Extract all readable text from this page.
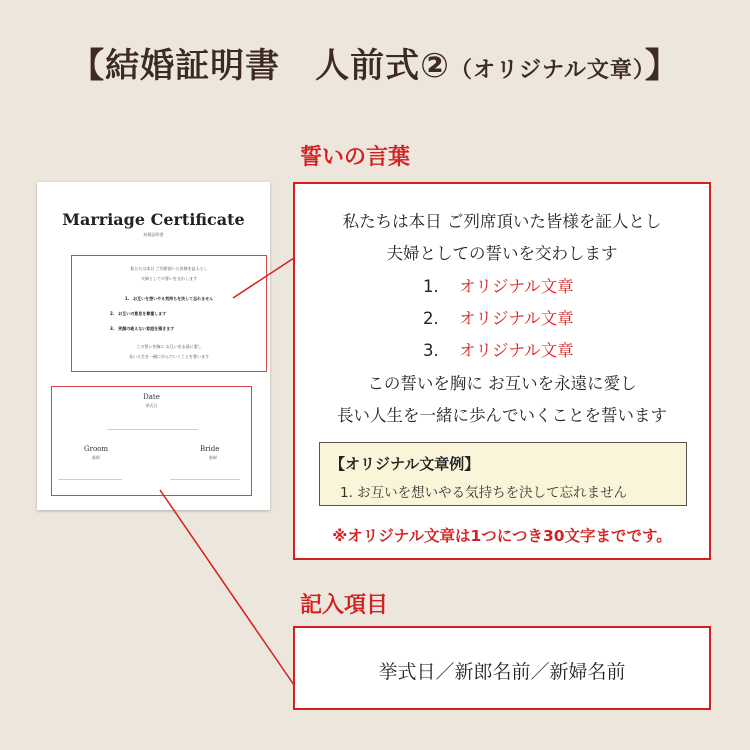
【結婚証明書　人前式②（オリジナル文章）】
Marriage Certificate
結婚証明書
私たちは本日 ご列席頂いた皆様を証人とし
夫婦としての誓いを交わします
1.　お互いを想いやる気持ちを決して忘れません
2.　お互いの意見を尊重します
3.　笑顔の絶えない家庭を築きます
この誓いを胸に お互いを永遠に愛し
長い人生を一緒に歩んでいくことを誓います
Date
挙式日
Groom
新郎
Bride
新婦
誓いの言葉
私たちは本日 ご列席頂いた皆様を証人とし
夫婦としての誓いを交わします
1. オリジナル文章
2. オリジナル文章
3. オリジナル文章
この誓いを胸に お互いを永遠に愛し
長い人生を一緒に歩んでいくことを誓います
【オリジナル文章例】
1. お互いを想いやる気持ちを決して忘れません
※オリジナル文章は1つにつき30文字までです。
記入項目
挙式日／新郎名前／新婦名前
